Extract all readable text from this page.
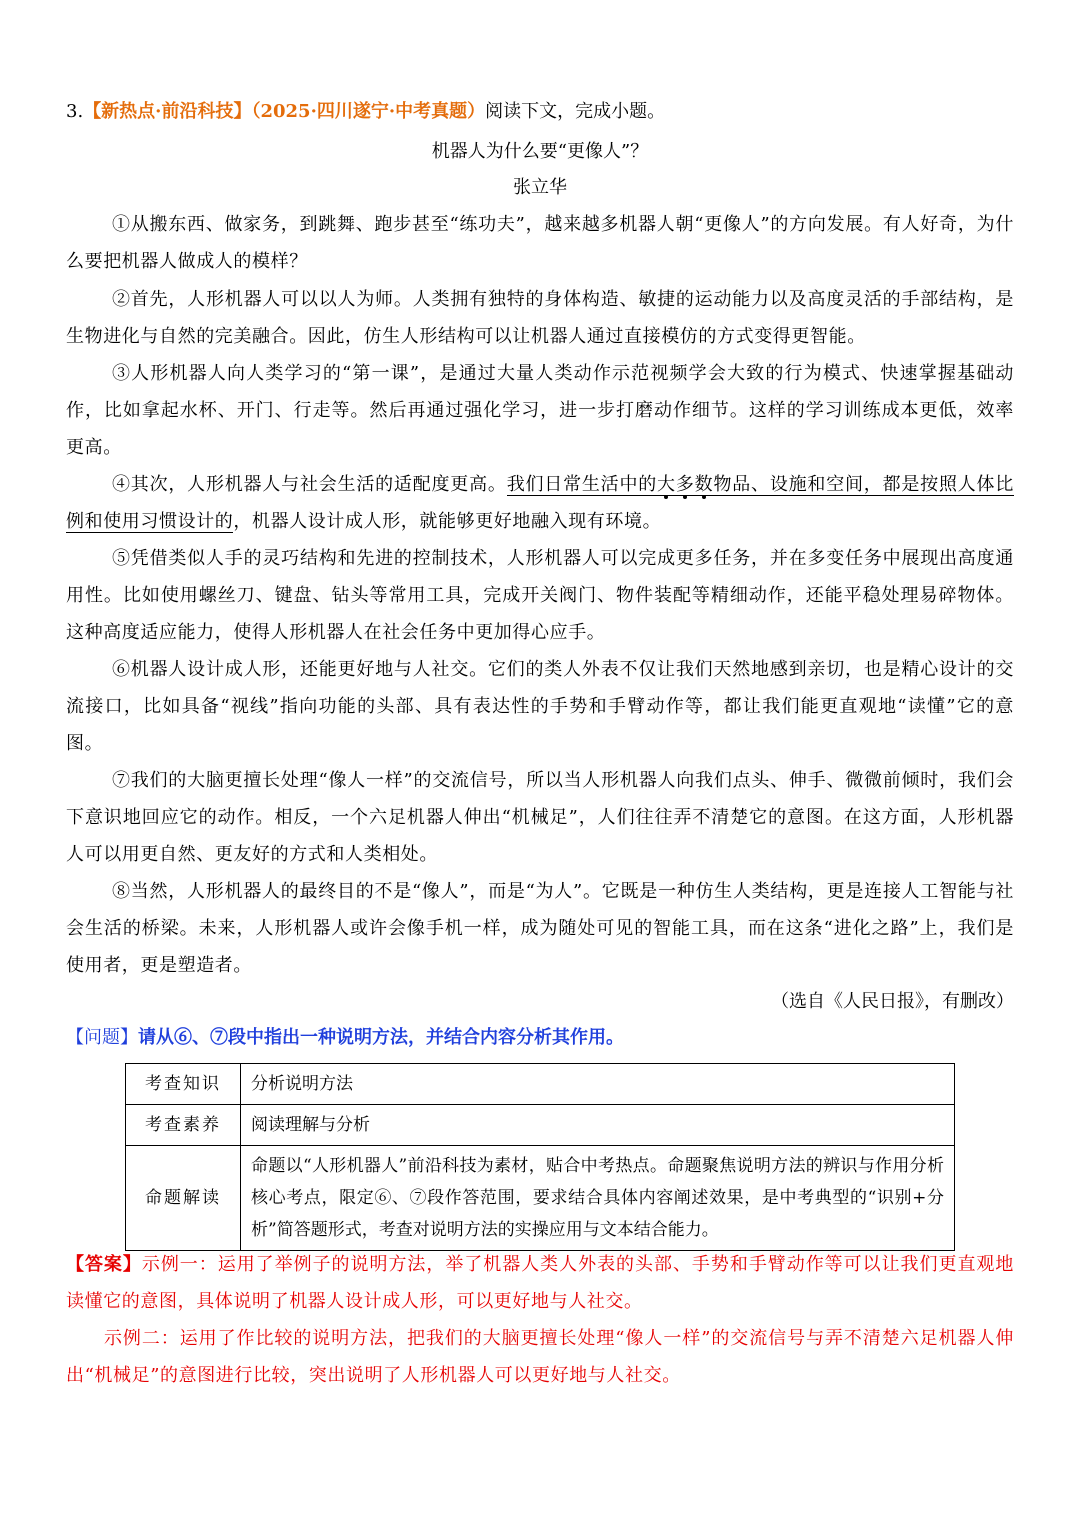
3.【新热点·前沿科技】（2025·四川遂宁·中考真题）阅读下文，完成小题。
机器人为什么要“更像人”？
张立华
①从搬东西、做家务，到跳舞、跑步甚至“练功夫”，越来越多机器人朝“更像人”的方向发展。有人好奇，为什么要把机器人做成人的模样？
②首先，人形机器人可以以人为师。人类拥有独特的身体构造、敏捷的运动能力以及高度灵活的手部结构，是生物进化与自然的完美融合。因此，仿生人形结构可以让机器人通过直接模仿的方式变得更智能。
③人形机器人向人类学习的“第一课”，是通过大量人类动作示范视频学会大致的行为模式、快速掌握基础动作，比如拿起水杯、开门、行走等。然后再通过强化学习，进一步打磨动作细节。这样的学习训练成本更低，效率更高。
④其次，人形机器人与社会生活的适配度更高。我们日常生活中的大多数物品、设施和空间，都是按照人体比例和使用习惯设计的，机器人设计成人形，就能够更好地融入现有环境。
⑤凭借类似人手的灵巧结构和先进的控制技术，人形机器人可以完成更多任务，并在多变任务中展现出高度通用性。比如使用螺丝刀、键盘、钻头等常用工具，完成开关阀门、物件装配等精细动作，还能平稳处理易碎物体。这种高度适应能力，使得人形机器人在社会任务中更加得心应手。
⑥机器人设计成人形，还能更好地与人社交。它们的类人外表不仅让我们天然地感到亲切，也是精心设计的交流接口，比如具备“视线”指向功能的头部、具有表达性的手势和手臂动作等，都让我们能更直观地“读懂”它的意图。
⑦我们的大脑更擅长处理“像人一样”的交流信号，所以当人形机器人向我们点头、伸手、微微前倾时，我们会下意识地回应它的动作。相反，一个六足机器人伸出“机械足”，人们往往弄不清楚它的意图。在这方面，人形机器人可以用更自然、更友好的方式和人类相处。
⑧当然，人形机器人的最终目的不是“像人”，而是“为人”。它既是一种仿生人类结构，更是连接人工智能与社会生活的桥梁。未来，人形机器人或许会像手机一样，成为随处可见的智能工具，而在这条“进化之路”上，我们是使用者，更是塑造者。
（选自《人民日报》，有删改）
【问题】请从⑥、⑦段中指出一种说明方法，并结合内容分析其作用。
考查知识	分析说明方法
考查素养	阅读理解与分析
命题解读	命题以“人形机器人”前沿科技为素材，贴合中考热点。命题聚焦说明方法的辨识与作用分析核心考点，限定⑥、⑦段作答范围，要求结合具体内容阐述效果，是中考典型的“识别+分析”简答题形式，考查对说明方法的实操应用与文本结合能力。
【答案】示例一：运用了举例子的说明方法，举了机器人类人外表的头部、手势和手臂动作等可以让我们更直观地读懂它的意图，具体说明了机器人设计成人形，可以更好地与人社交。
示例二：运用了作比较的说明方法，把我们的大脑更擅长处理“像人一样”的交流信号与弄不清楚六足机器人伸出“机械足”的意图进行比较，突出说明了人形机器人可以更好地与人社交。
